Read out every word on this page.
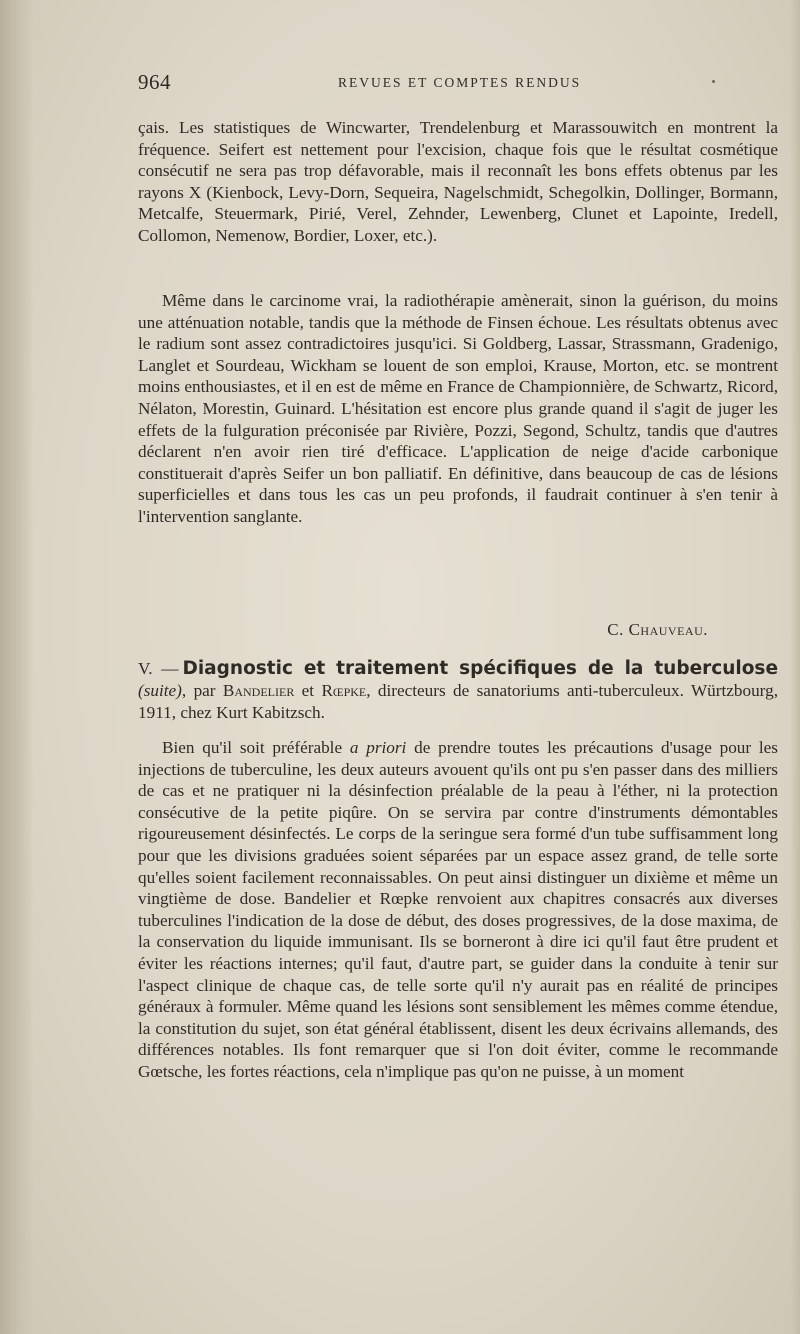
964	REVUES ET COMPTES RENDUS
çais. Les statistiques de Wincwarter, Trendelenburg et Marassouwitch en montrent la fréquence. Seifert est nettement pour l'excision, chaque fois que le résultat cosmétique consécutif ne sera pas trop défavorable, mais il reconnaît les bons effets obtenus par les rayons X (Kienbock, Levy-Dorn, Sequeira, Nagelschmidt, Schegolkin, Dollinger, Bormann, Metcalfe, Steuermark, Pirié, Verel, Zehnder, Lewenberg, Clunet et Lapointe, Iredell, Collomon, Nemenow, Bordier, Loxer, etc.).
Même dans le carcinome vrai, la radiothérapie amènerait, sinon la guérison, du moins une atténuation notable, tandis que la méthode de Finsen échoue. Les résultats obtenus avec le radium sont assez contradictoires jusqu'ici. Si Goldberg, Lassar, Strassmann, Gradenigo, Langlet et Sourdeau, Wickham se louent de son emploi, Krause, Morton, etc. se montrent moins enthousiastes, et il en est de même en France de Championnière, de Schwartz, Ricord, Nélaton, Morestin, Guinard. L'hésitation est encore plus grande quand il s'agit de juger les effets de la fulguration préconisée par Rivière, Pozzi, Segond, Schultz, tandis que d'autres déclarent n'en avoir rien tiré d'efficace. L'application de neige d'acide carbonique constituerait d'après Seifer un bon palliatif. En définitive, dans beaucoup de cas de lésions superficielles et dans tous les cas un peu profonds, il faudrait continuer à s'en tenir à l'intervention sanglante.
C. Chauveau.
V. — Diagnostic et traitement spécifiques de la tuberculose (suite), par Bandelier et Rœpke, directeurs de sanatoriums anti-tuberculeux. Würtzbourg, 1911, chez Kurt Kabitzsch.
Bien qu'il soit préférable a priori de prendre toutes les précautions d'usage pour les injections de tuberculine, les deux auteurs avouent qu'ils ont pu s'en passer dans des milliers de cas et ne pratiquer ni la désinfection préalable de la peau à l'éther, ni la protection consécutive de la petite piqûre. On se servira par contre d'instruments démontables rigoureusement désinfectés. Le corps de la seringue sera formé d'un tube suffisamment long pour que les divisions graduées soient séparées par un espace assez grand, de telle sorte qu'elles soient facilement reconnaissables. On peut ainsi distinguer un dixième et même un vingtième de dose. Bandelier et Rœpke renvoient aux chapitres consacrés aux diverses tuberculines l'indication de la dose de début, des doses progressives, de la dose maxima, de la conservation du liquide immunisant. Ils se borneront à dire ici qu'il faut être prudent et éviter les réactions internes; qu'il faut, d'autre part, se guider dans la conduite à tenir sur l'aspect clinique de chaque cas, de telle sorte qu'il n'y aurait pas en réalité de principes généraux à formuler. Même quand les lésions sont sensiblement les mêmes comme étendue, la constitution du sujet, son état général établissent, disent les deux écrivains allemands, des différences notables. Ils font remarquer que si l'on doit éviter, comme le recommande Gœtsche, les fortes réactions, cela n'implique pas qu'on ne puisse, à un moment
